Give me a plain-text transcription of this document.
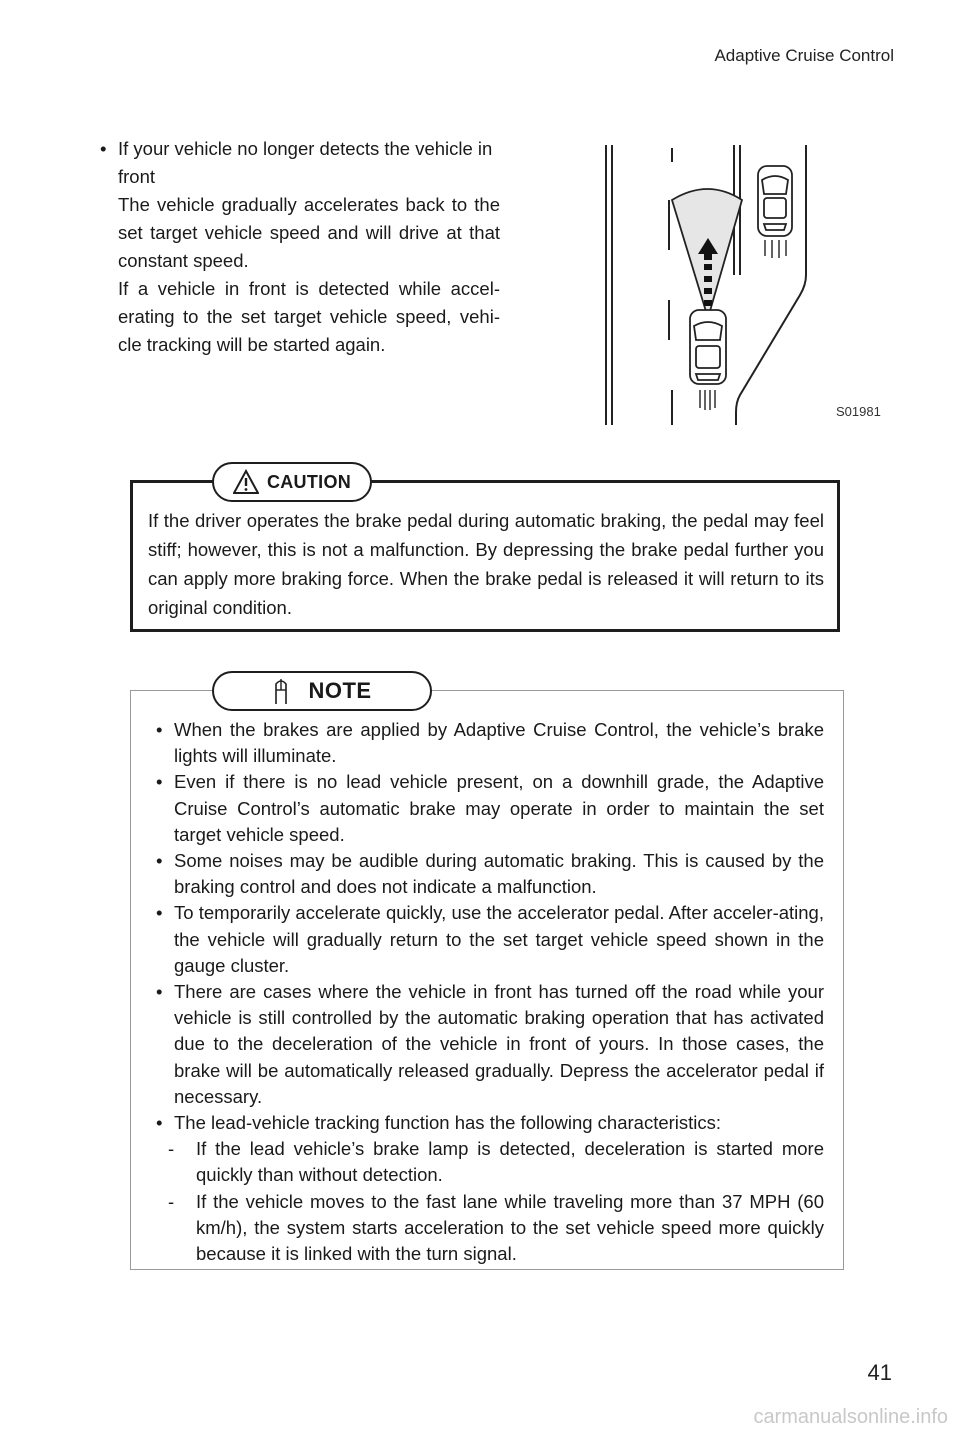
Adaptive Cruise Control
• If your vehicle no longer detects the vehicle in front

The vehicle gradually accelerates back to the set target vehicle speed and will drive at that constant speed.

If a vehicle in front is detected while accel-erating to the set target vehicle speed, vehi-cle tracking will be started again.

S01981
CAUTION
If the driver operates the brake pedal during automatic braking, the pedal may feel stiff; however, this is not a malfunction. By depressing the brake pedal further you can apply more braking force. When the brake pedal is released it will return to its original condition.
NOTE
• When the brakes are applied by Adaptive Cruise Control, the vehicle’s brake lights will illuminate.
• Even if there is no lead vehicle present, on a downhill grade, the Adaptive Cruise Control’s automatic brake may operate in order to maintain the set target vehicle speed.
• Some noises may be audible during automatic braking. This is caused by the braking control and does not indicate a malfunction.
• To temporarily accelerate quickly, use the accelerator pedal. After acceler-ating, the vehicle will gradually return to the set target vehicle speed shown in the gauge cluster.
• There are cases where the vehicle in front has turned off the road while your vehicle is still controlled by the automatic braking operation that has activated due to the deceleration of the vehicle in front of yours. In those cases, the brake will be automatically released gradually. Depress the accelerator pedal if necessary.
• The lead-vehicle tracking function has the following characteristics:
- If the lead vehicle’s brake lamp is detected, deceleration is started more quickly than without detection.
- If the vehicle moves to the fast lane while traveling more than 37 MPH (60 km/h), the system starts acceleration to the set vehicle speed more quickly because it is linked with the turn signal.
41
carmanualsonline.info
